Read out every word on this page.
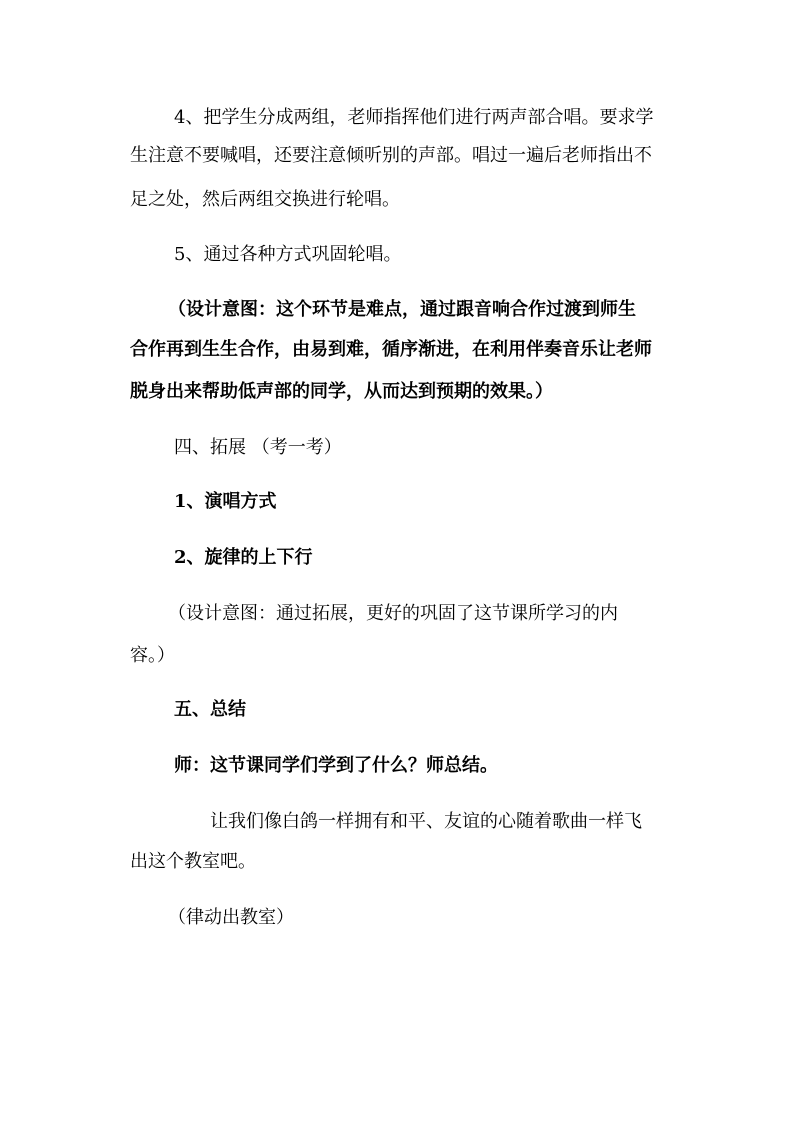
4、把学生分成两组，老师指挥他们进行两声部合唱。要求学
生注意不要喊唱，还要注意倾听别的声部。唱过一遍后老师指出不
足之处，然后两组交换进行轮唱。
5、通过各种方式巩固轮唱。
（设计意图：这个环节是难点，通过跟音响合作过渡到师生
合作再到生生合作，由易到难，循序渐进，在利用伴奏音乐让老师
脱身出来帮助低声部的同学，从而达到预期的效果。）
四、拓展 （考一考）
1、演唱方式
2、旋律的上下行
（设计意图：通过拓展，更好的巩固了这节课所学习的内
容。）
五、总结
师：这节课同学们学到了什么？师总结。
让我们像白鸽一样拥有和平、友谊的心随着歌曲一样飞
出这个教室吧。
（律动出教室）
